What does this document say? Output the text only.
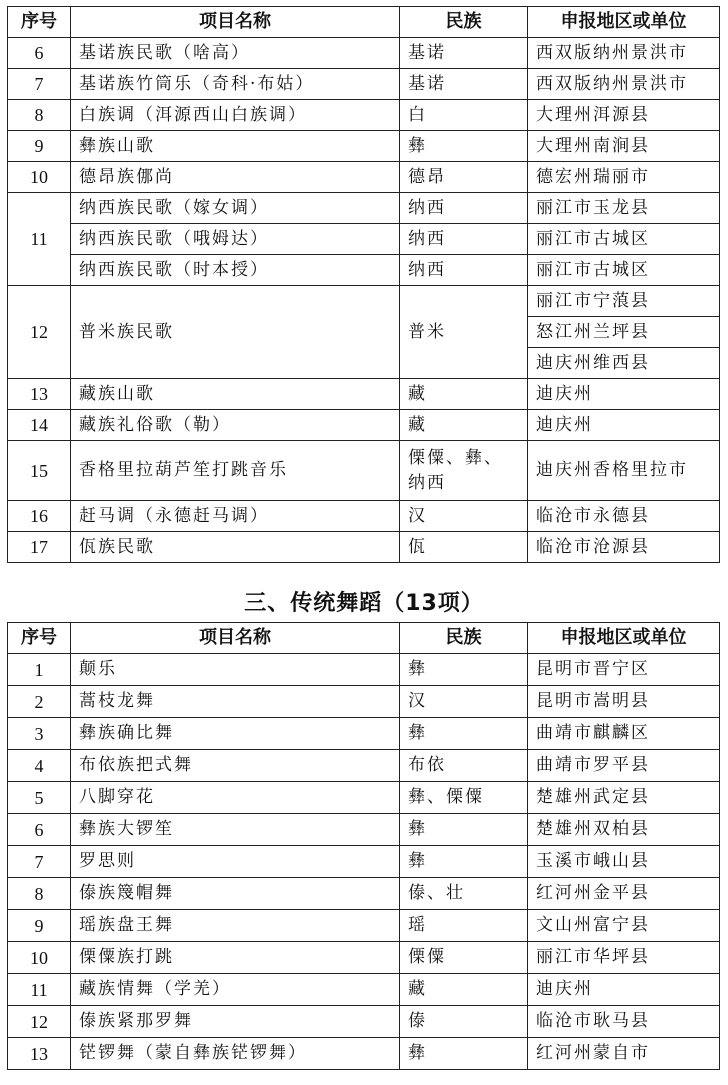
序号	项目名称	民族	申报地区或单位
6	基诺族民歌（啥高）	基诺	西双版纳州景洪市
7	基诺族竹筒乐（奇科·布姑）	基诺	西双版纳州景洪市
8	白族调（洱源西山白族调）	白	大理州洱源县
9	彝族山歌	彝	大理州南涧县
10	德昂族㑚尚	德昂	德宏州瑞丽市
11	纳西族民歌（嫁女调）	纳西	丽江市玉龙县
	纳西族民歌（哦姆达）	纳西	丽江市古城区
	纳西族民歌（时本授）	纳西	丽江市古城区
12	普米族民歌	普米	丽江市宁蒗县
			怒江州兰坪县
			迪庆州维西县
13	藏族山歌	藏	迪庆州
14	藏族礼俗歌（勒）	藏	迪庆州
15	香格里拉葫芦笙打跳音乐	傈僳、彝、纳西	迪庆州香格里拉市
16	赶马调（永德赶马调）	汉	临沧市永德县
17	佤族民歌	佤	临沧市沧源县
三、传统舞蹈（13项）
序号	项目名称	民族	申报地区或单位
1	颠乐	彝	昆明市晋宁区
2	蒿枝龙舞	汉	昆明市嵩明县
3	彝族确比舞	彝	曲靖市麒麟区
4	布依族把式舞	布依	曲靖市罗平县
5	八脚穿花	彝、傈僳	楚雄州武定县
6	彝族大锣笙	彝	楚雄州双柏县
7	罗思则	彝	玉溪市峨山县
8	傣族篾帽舞	傣、壮	红河州金平县
9	瑶族盘王舞	瑶	文山州富宁县
10	傈僳族打跳	傈僳	丽江市华坪县
11	藏族情舞（学羌）	藏	迪庆州
12	傣族紧那罗舞	傣	临沧市耿马县
13	铓锣舞（蒙自彝族铓锣舞）	彝	红河州蒙自市
